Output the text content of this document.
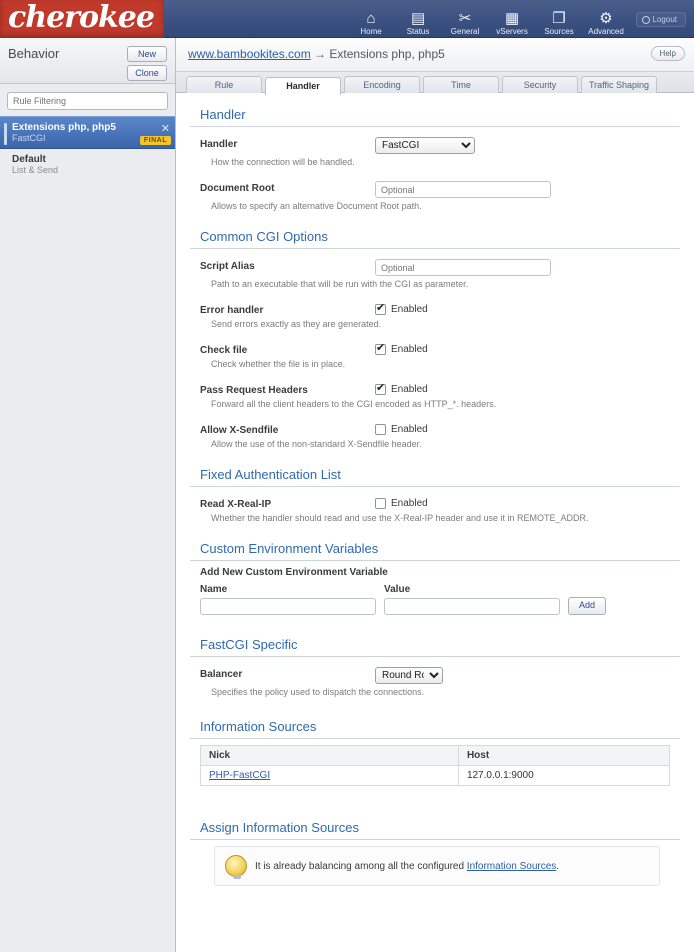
cherokee	⌂
Home
▤
Status
✂
General
▦
vServers
❐
Sources
⚙
Advanced
Logout
Behavior	New
Clone
Rule Filtering
Extensions php, php5
FastCGI
✕
FINAL
Default
List & Send
www.bambookites.com → Extensions php, php5	Help
Rule	Handler	Encoding	Time	Security	Traffic Shaping
Handler
Handler
FastCGI
How the connection will be handled.
Document Root
Optional
Allows to specify an alternative Document Root path.
Common CGI Options
Script Alias
Optional
Path to an executable that will be run with the CGI as parameter.
Error handler ✔	Enabled
Send errors exactly as they are generated.
Check file ✔	Enabled
Check whether the file is in place.
Pass Request Headers ✔	Enabled
Forward all the client headers to the CGI encoded as HTTP_*. headers.
Allow X-Sendfile	Enabled
Allow the use of the non-standard X-Sendfile header.
Fixed Authentication List
Read X-Real-IP	Enabled
Whether the handler should read and use the X-Real-IP header and use it in REMOTE_ADDR.
Custom Environment Variables
Add New Custom Environment Variable
Name	Value
Add
FastCGI Specific
Balancer
Round Robin
Specifies the policy used to dispatch the connections.
Information Sources
Nick	Host
PHP-FastCGI	127.0.0.1:9000
Assign Information Sources
It is already balancing among all the configured Information Sources.
